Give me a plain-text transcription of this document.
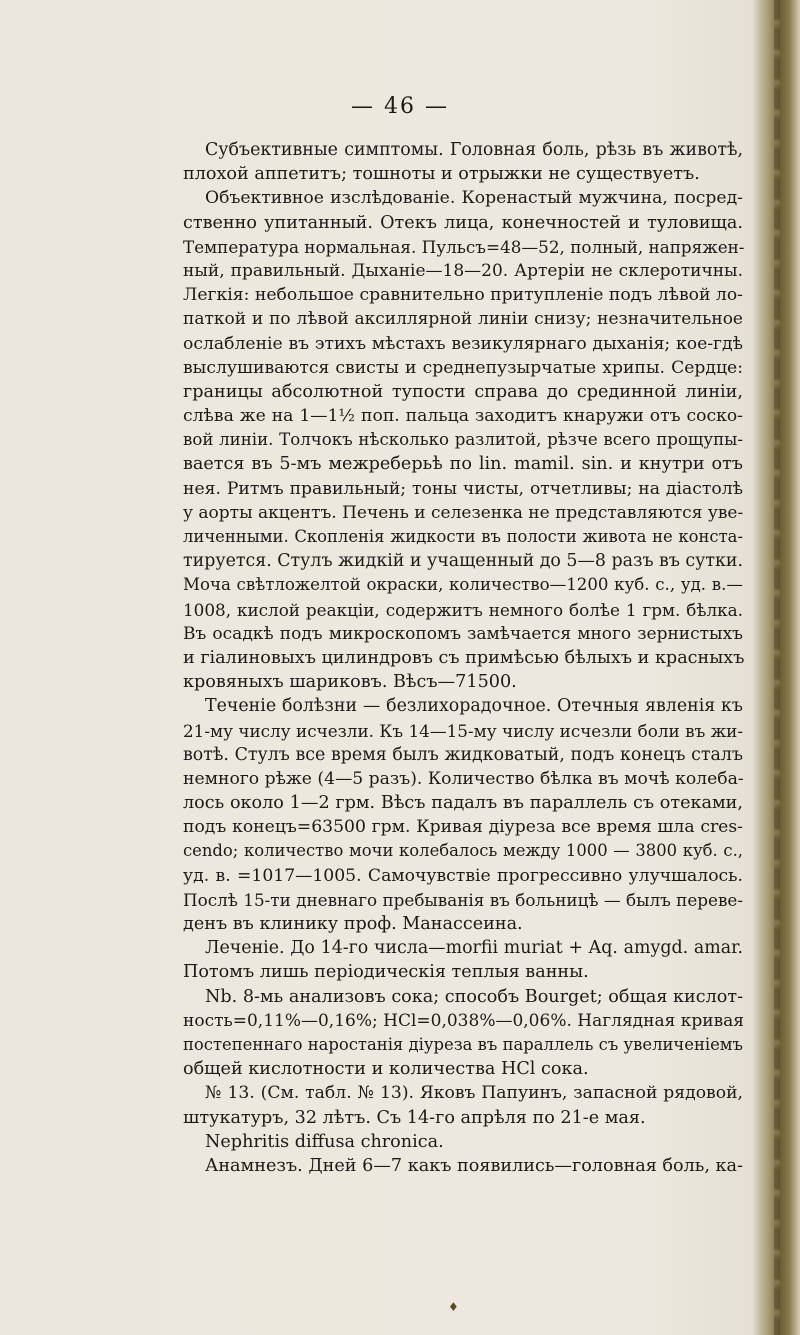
— 46 —
Субъективные симптомы. Головная боль, рѣзь въ животѣ,
плохой аппетитъ; тошноты и отрыжки не существуетъ.
Объективное изслѣдованіе. Коренастый мужчина, посред-
ственно упитанный. Отекъ лица, конечностей и туловища.
Температура нормальная. Пульсъ=48—52, полный, напряжен-
ный, правильный. Дыханіе—18—20. Артеріи не склеротичны.
Легкія: небольшое сравнительно притупленіе подъ лѣвой ло-
паткой и по лѣвой аксиллярной линіи снизу; незначительное
ослабленіе въ этихъ мѣстахъ везикулярнаго дыханія; кое-гдѣ
выслушиваются свисты и среднепузырчатые хрипы. Сердце:
границы абсолютной тупости справа до срединной линіи,
слѣва же на 1—1½ поп. пальца заходитъ кнаружи отъ соско-
вой линіи. Толчокъ нѣсколько разлитой, рѣзче всего прощупы-
вается въ 5-мъ межреберьѣ по lin. mamil. sin. и кнутри отъ
нея. Ритмъ правильный; тоны чисты, отчетливы; на діастолѣ
у аорты акцентъ. Печень и селезенка не представляются уве-
личенными. Скопленія жидкости въ полости живота не конста-
тируется. Стулъ жидкій и учащенный до 5—8 разъ въ сутки.
Моча свѣтложелтой окраски, количество—1200 куб. с., уд. в.—
1008, кислой реакціи, содержитъ немного болѣе 1 грм. бѣлка.
Въ осадкѣ подъ микроскопомъ замѣчается много зернистыхъ
и гіалиновыхъ цилиндровъ съ примѣсью бѣлыхъ и красныхъ
кровяныхъ шариковъ. Вѣсъ—71500.
Теченіе болѣзни — безлихорадочное. Отечныя явленія къ
21-му числу исчезли. Къ 14—15-му числу исчезли боли въ жи-
вотѣ. Стулъ все время былъ жидковатый, подъ конецъ сталъ
немного рѣже (4—5 разъ). Количество бѣлка въ мочѣ колеба-
лось около 1—2 грм. Вѣсъ падалъ въ параллель съ отеками,
подъ конецъ=63500 грм. Кривая діуреза все время шла cres-
cendo; количество мочи колебалось между 1000 — 3800 куб. с.,
уд. в. =1017—1005. Самочувствіе прогрессивно улучшалось.
Послѣ 15-ти дневнаго пребыванія въ больницѣ — былъ переве-
денъ въ клинику проф. Манассеина.
Леченіе. До 14-го числа—morfii muriat + Aq. amygd. amar.
Потомъ лишь періодическія теплыя ванны.
Nb. 8-мь анализовъ сока; способъ Bourget; общая кислот-
ность=0,11%—0,16%; HCl=0,038%—0,06%. Наглядная кривая
постепеннаго наростанія діуреза въ параллель съ увеличеніемъ
общей кислотности и количества HCl сока.
№ 13. (См. табл. № 13). Яковъ Папуинъ, запасной рядовой,
штукатуръ, 32 лѣтъ. Съ 14-го апрѣля по 21-е мая.
Nephritis diffusa chronica.
Анамнезъ. Дней 6—7 какъ появились—головная боль, ка-
♦
